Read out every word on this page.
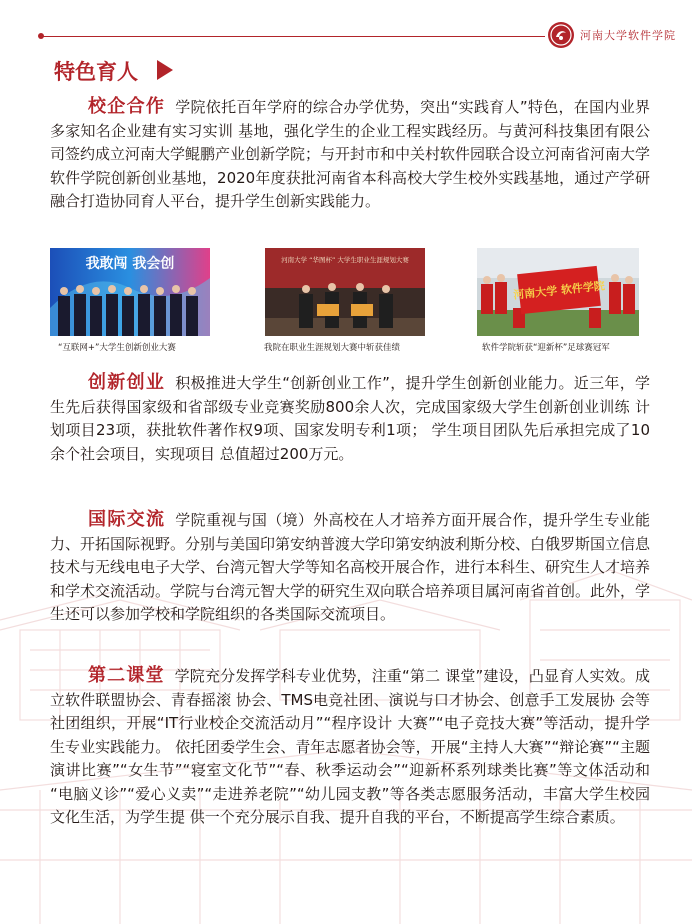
河南大学软件学院
特色育人

校企合作 学院依托百年学府的综合办学优势，突出“实践育人”特色，在国内业界多家知名企业建有实习实训 基地，强化学生的企业工程实践经历。与黄河科技集团有限公司签约成立河南大学鲲鹏产业创新学院；与开封市和中关村软件园联合设立河南省河南大学软件学院创新创业基地，2020年度获批河南省本科高校大学生校外实践基地，通过产学研融合打造协同育人平台，提升学生创新实践能力。

我敢闯 我会创	河南大学 “华图杯” 大学生职业生涯规划大赛
河南大学 软件学院
“互联网+”大学生创新创业大赛	我院在职业生涯规划大赛中斩获佳绩	软件学院斩获“迎新杯”足球赛冠军

创新创业 积极推进大学生“创新创业工作”，提升学生创新创业能力。近三年，学生先后获得国家级和省部级专业竞赛奖励800余人次，完成国家级大学生创新创业训练 计划项目23项，获批软件著作权9项、国家发明专利1项； 学生项目团队先后承担完成了10余个社会项目，实现项目 总值超过200万元。

国际交流 学院重视与国（境）外高校在人才培养方面开展合作，提升学生专业能力、开拓国际视野。分别与美国印第安纳普渡大学印第安纳波利斯分校、白俄罗斯国立信息技术与无线电电子大学、台湾元智大学等知名高校开展合作，进行本科生、研究生人才培养和学术交流活动。学院与台湾元智大学的研究生双向联合培养项目属河南省首创。此外，学生还可以参加学校和学院组织的各类国际交流项目。

第二课堂 学院充分发挥学科专业优势，注重“第二 课堂”建设，凸显育人实效。成立软件联盟协会、青春摇滚 协会、TMS电竞社团、演说与口才协会、创意手工发展协 会等社团组织，开展“IT行业校企交流活动月”“程序设计 大赛”“电子竞技大赛”等活动，提升学生专业实践能力。 依托团委学生会、青年志愿者协会等，开展“主持人大赛”“辩论赛”“主题演讲比赛”“女生节”“寝室文化节”“春、秋季运动会”“迎新杯系列球类比赛”等文体活动和 “电脑义诊”“爱心义卖”“走进养老院”“幼儿园支教”等各类志愿服务活动，丰富大学生校园文化生活，为学生提 供一个充分展示自我、提升自我的平台，不断提高学生综合素质。
